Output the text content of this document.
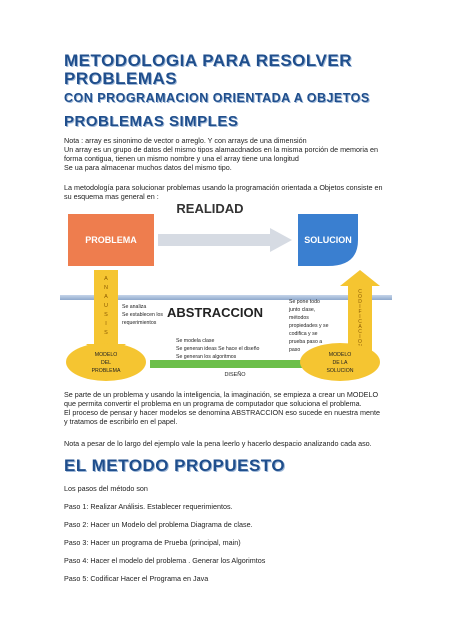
METODOLOGIA PARA RESOLVER
PROBLEMAS
CON PROGRAMACION ORIENTADA A OBJETOS
PROBLEMAS SIMPLES
Nota : array es sinonimo de vector o arreglo. Y con arrays de una dimensión
Un array es un grupo de datos del mismo tipos alamacdnados en la misma porción de memoria en
forma contigua, tienen un mismo nombre y una el array tiene una longitud
Se ua para almacenar muchos datos del mismo tipo.
La metodología para solucionar problemas usando la programación orientada a Objetos consiste en
su esquema mas general en :
REALIDAD
PROBLEMA	SOLUCION
A
N
A
U
S
I
S
C
O
D
I
F
I
C
A
C
I
O
ABSTRACCION
Se analiza
Se establecen los
requerimientos
Se pone todo
junto clase,
métodos
propiedades y se
codifica y se
prueba paso a
paso
Se modela clase
Se generan ideas Se hace el diseño
Se generan los algoritmos
MODELO
DEL
PROBLEMA
DISEÑO
MODELO
DE LA
SOLUCION
Se parte de un problema y usando la inteligencia, la imaginación, se empieza a crear un MODELO
que permita convertir el problema en un programa de computador que soluciona el problema.
El proceso de pensar y hacer modelos se denomina ABSTRACCION eso sucede en nuestra mente
y tratamos de escribirlo en el papel.
Nota a pesar de lo largo del ejemplo vale la pena leerlo y hacerlo despacio analizando cada aso.
EL METODO PROPUESTO
Los pasos del método son
Paso 1: Realizar Análisis. Establecer requerimientos.
Paso 2: Hacer un Modelo del problema Diagrama de clase.
Paso 3: Hacer un programa de Prueba (principal, main)
Paso 4: Hacer el modelo del problema . Generar los Algorimtos
Paso 5: Codificar Hacer el Programa en Java
